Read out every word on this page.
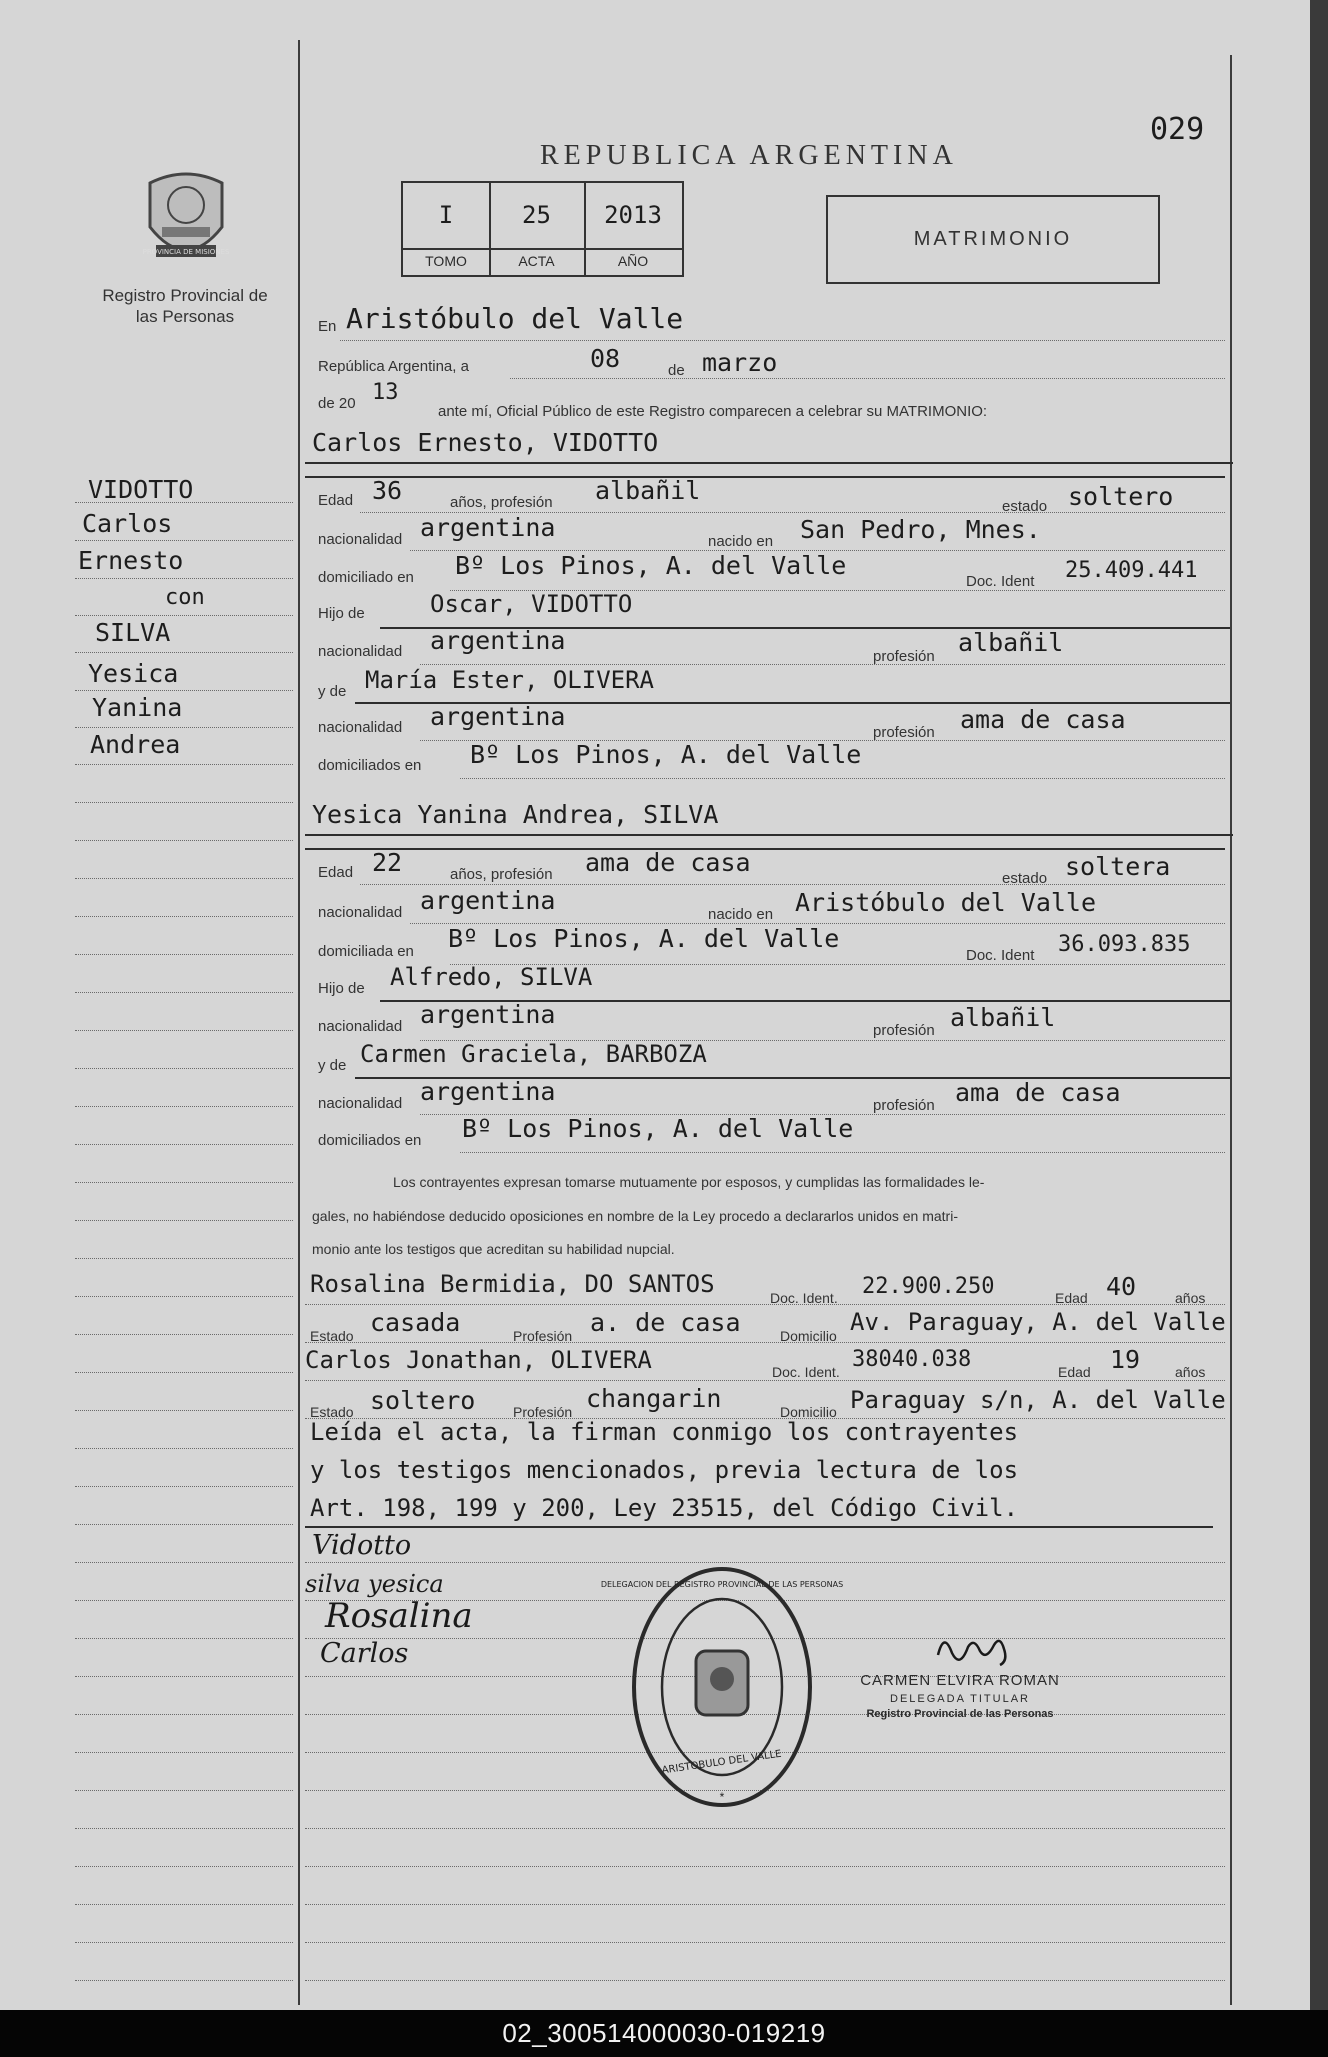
REPUBLICA ARGENTINA
029
PROVINCIA DE MISIONES
Registro Provincial de las Personas
I
TOMO
25
ACTA
2013
AÑO
MATRIMONIO
En Aristóbulo del Valle
República Argentina, a	08	de marzo
de 20 13
ante mí, Oficial Público de este Registro comparecen a celebrar su MATRIMONIO:
VIDOTTO
Carlos
Ernesto
con
SILVA
Yesica
Yanina
Andrea
Carlos Ernesto, VIDOTTO
Edad 36	años, profesión albañil
estado soltero
nacionalidad argentina	nacido en San Pedro, Mnes.
domiciliado en Bº Los Pinos, A. del Valle
Doc. Ident 25.409.441
Hijo de	Oscar, VIDOTTO
nacionalidad argentina
profesión albañil
y de María Ester, OLIVERA
nacionalidad argentina
profesión ama de casa
domiciliados en Bº Los Pinos, A. del Valle
Yesica Yanina Andrea, SILVA
Edad 22	años, profesión ama de casa
estado soltera
nacionalidad argentina	nacido en Aristóbulo del Valle
domiciliada en Bº Los Pinos, A. del Valle
Doc. Ident 36.093.835
Hijo de Alfredo, SILVA
nacionalidad argentina
profesión albañil
y de Carmen Graciela, BARBOZA
nacionalidad argentina	profesión ama de casa
domiciliados en Bº Los Pinos, A. del Valle
Los contrayentes expresan tomarse mutuamente por esposos, y cumplidas las formalidades le-
gales, no habiéndose deducido oposiciones en nombre de la Ley procedo a declararlos unidos en matri-
monio ante los testigos que acreditan su habilidad nupcial.
Rosalina Bermidia, DO SANTOS	Doc. Ident. 22.900.250	Edad 40	años
Estado casada	Profesión a. de casa	Domicilio Av. Paraguay, A. del Valle
Carlos Jonathan, OLIVERA	Doc. Ident. 38040.038	Edad 19 años
Estado soltero	Profesión changarin	Domicilio Paraguay s/n, A. del Valle
Leída el acta, la firman conmigo los contrayentes
y los testigos mencionados, previa lectura de los
Art. 198, 199 y 200, Ley 23515, del Código Civil.
Vidotto
silva yesica
Rosalina
Carlos
ARISTOBULO DEL VALLE
DELEGACION DEL REGISTRO PROVINCIAL DE LAS PERSONAS
*
CARMEN ELVIRA ROMAN
DELEGADA TITULAR
Registro Provincial de las Personas
02_300514000030-019219
